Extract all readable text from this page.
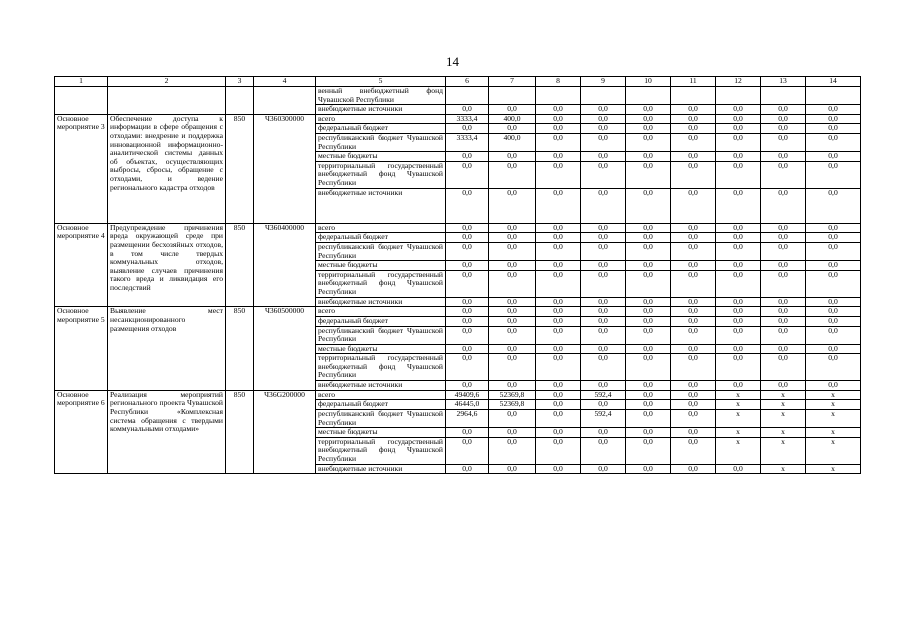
14
1	2	3	4	5	6	7	8	9	10	11	12	13	14
				венный внебюджетный фонд Чувашской Республики									
				внебюджетные источники	0,0	0,0	0,0	0,0	0,0	0,0	0,0	0,0	0,0
Основное мероприятие 3	Обеспечение доступа к информации в сфере обращения с отходами: внедрение и поддержка инновационной информационно-аналитической системы данных об объектах, осуществляющих выбросы, сбросы, обращение с отходами, и ведение регионального кадастра отходов	850	Ч360300000	всего	3333,4	400,0	0,0	0,0	0,0	0,0	0,0	0,0	0,0
				федеральный бюджет	0,0	0,0	0,0	0,0	0,0	0,0	0,0	0,0	0,0
				республиканский бюджет Чувашской Республики	3333,4	400,0	0,0	0,0	0,0	0,0	0,0	0,0	0,0
				местные бюджеты	0,0	0,0	0,0	0,0	0,0	0,0	0,0	0,0	0,0
				территориальный государственный внебюджетный фонд Чувашской Республики	0,0	0,0	0,0	0,0	0,0	0,0	0,0	0,0	0,0
				внебюджетные источники	0,0	0,0	0,0	0,0	0,0	0,0	0,0	0,0	0,0
Основное мероприятие 4	Предупреждение причинения вреда окружающей среде при размещении бесхозяйных отходов, в том числе твердых коммунальных отходов, выявление случаев причинения такого вреда и ликвидация его последствий	850	Ч360400000	всего	0,0	0,0	0,0	0,0	0,0	0,0	0,0	0,0	0,0
				федеральный бюджет	0,0	0,0	0,0	0,0	0,0	0,0	0,0	0,0	0,0
				республиканский бюджет Чувашской Республики	0,0	0,0	0,0	0,0	0,0	0,0	0,0	0,0	0,0
				местные бюджеты	0,0	0,0	0,0	0,0	0,0	0,0	0,0	0,0	0,0
				территориальный государственный внебюджетный фонд Чувашской Республики	0,0	0,0	0,0	0,0	0,0	0,0	0,0	0,0	0,0
				внебюджетные источники	0,0	0,0	0,0	0,0	0,0	0,0	0,0	0,0	0,0
Основное мероприятие 5	Выявление мест несанкционированного размещения отходов	850	Ч360500000	всего	0,0	0,0	0,0	0,0	0,0	0,0	0,0	0,0	0,0
				федеральный бюджет	0,0	0,0	0,0	0,0	0,0	0,0	0,0	0,0	0,0
				республиканский бюджет Чувашской Республики	0,0	0,0	0,0	0,0	0,0	0,0	0,0	0,0	0,0
				местные бюджеты	0,0	0,0	0,0	0,0	0,0	0,0	0,0	0,0	0,0
				территориальный государственный внебюджетный фонд Чувашской Республики	0,0	0,0	0,0	0,0	0,0	0,0	0,0	0,0	0,0
				внебюджетные источники	0,0	0,0	0,0	0,0	0,0	0,0	0,0	0,0	0,0
Основное мероприятие 6	Реализация мероприятий регионального проекта Чувашской Республики «Комплексная система обращения с твердыми коммунальными отходами»	850	Ч36G200000	всего	49409,6	52369,8	0,0	592,4	0,0	0,0	x	x	x
				федеральный бюджет	46445,0	52369,8	0,0	0,0	0,0	0,0	x	x	x
				республиканский бюджет Чувашской Республики	2964,6	0,0	0,0	592,4	0,0	0,0	x	x	x
				местные бюджеты	0,0	0,0	0,0	0,0	0,0	0,0	x	x	x
				территориальный государственный внебюджетный фонд Чувашской Республики	0,0	0,0	0,0	0,0	0,0	0,0	x	x	x
				внебюджетные источники	0,0	0,0	0,0	0,0	0,0	0,0	0,0	x	x
